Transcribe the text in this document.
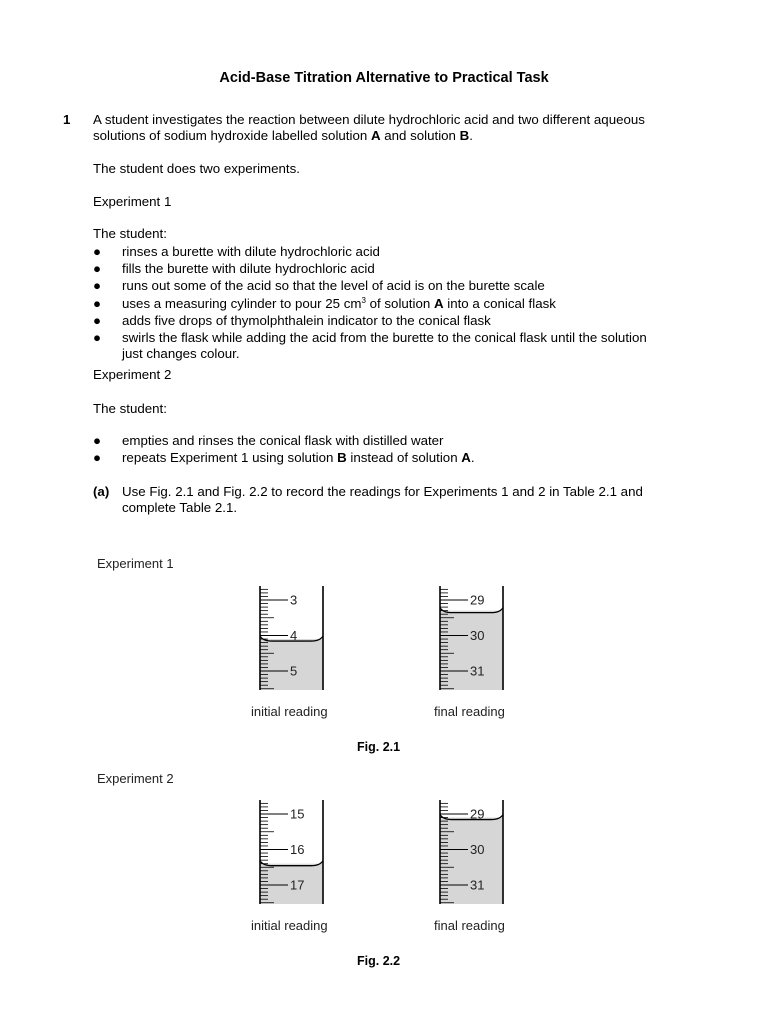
Acid-Base Titration Alternative to Practical Task
1 A student investigates the reaction between dilute hydrochloric acid and two different aqueous
solutions of sodium hydroxide labelled solution A and solution B.
The student does two experiments.
Experiment 1
The student:
● rinses a burette with dilute hydrochloric acid
● fills the burette with dilute hydrochloric acid
● runs out some of the acid so that the level of acid is on the burette scale
● uses a measuring cylinder to pour 25 $cm^3$ of solution A into a conical flask
● adds five drops of thymolphthalein indicator to the conical flask
● swirls the flask while adding the acid from the burette to the conical flask until the solution
just changes colour.
Experiment 2
The student:
● empties and rinses the conical flask with distilled water
● repeats Experiment 1 using solution B instead of solution A.
(a) Use Fig. 2.1 and Fig. 2.2 to record the readings for Experiments 1 and 2 in Table 2.1 and
complete Table 2.1.
Experiment 1
3
4
5
initial reading
29
30
31
final reading
Fig. 2.1
Experiment 2
15
16
17
initial reading
29
30
31
final reading
Fig. 2.2
